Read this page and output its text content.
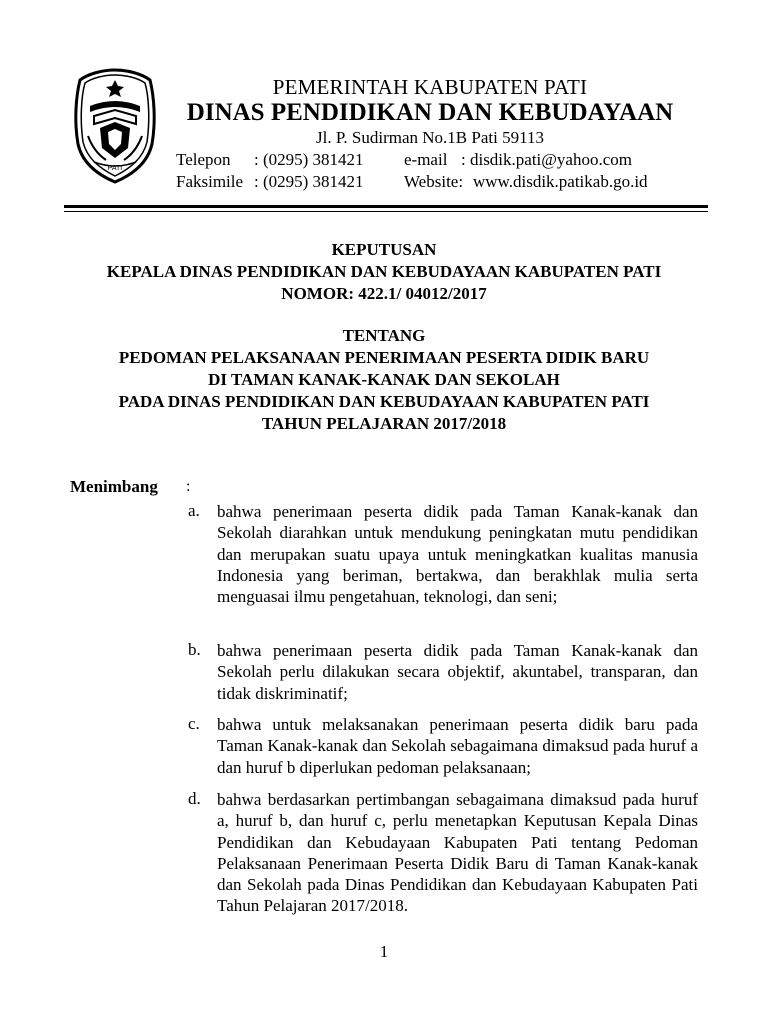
PATI
PEMERINTAH KABUPATEN PATI
DINAS PENDIDIKAN DAN KEBUDAYAAN
Jl. P. Sudirman No.1B Pati 59113
Telepon : (0295) 381421 e-mail : disdik.pati@yahoo.com
Faksimile : (0295) 381421 Website: www.disdik.patikab.go.id
KEPUTUSAN
KEPALA DINAS PENDIDIKAN DAN KEBUDAYAAN KABUPATEN PATI
NOMOR: 422.1/ 04012/2017
TENTANG
PEDOMAN PELAKSANAAN PENERIMAAN PESERTA DIDIK BARU
DI TAMAN KANAK-KANAK DAN SEKOLAH
PADA DINAS PENDIDIKAN DAN KEBUDAYAAN KABUPATEN PATI
TAHUN PELAJARAN 2017/2018
Menimbang :
a. bahwa penerimaan peserta didik pada Taman Kanak-kanak dan Sekolah diarahkan untuk mendukung peningkatan mutu pendidikan dan merupakan suatu upaya untuk meningkatkan kualitas manusia Indonesia yang beriman, bertakwa, dan berakhlak mulia serta menguasai ilmu pengetahuan, teknologi, dan seni;
b. bahwa penerimaan peserta didik pada Taman Kanak-kanak dan Sekolah perlu dilakukan secara objektif, akuntabel, transparan, dan tidak diskriminatif;
c. bahwa untuk melaksanakan penerimaan peserta didik baru pada Taman Kanak-kanak dan Sekolah sebagaimana dimaksud pada huruf a dan huruf b diperlukan pedoman pelaksanaan;
d. bahwa berdasarkan pertimbangan sebagaimana dimaksud pada huruf a, huruf b, dan huruf c, perlu menetapkan Keputusan Kepala Dinas Pendidikan dan Kebudayaan Kabupaten Pati tentang Pedoman Pelaksanaan Penerimaan Peserta Didik Baru di Taman Kanak-kanak dan Sekolah pada Dinas Pendidikan dan Kebudayaan Kabupaten Pati Tahun Pelajaran 2017/2018.
1
